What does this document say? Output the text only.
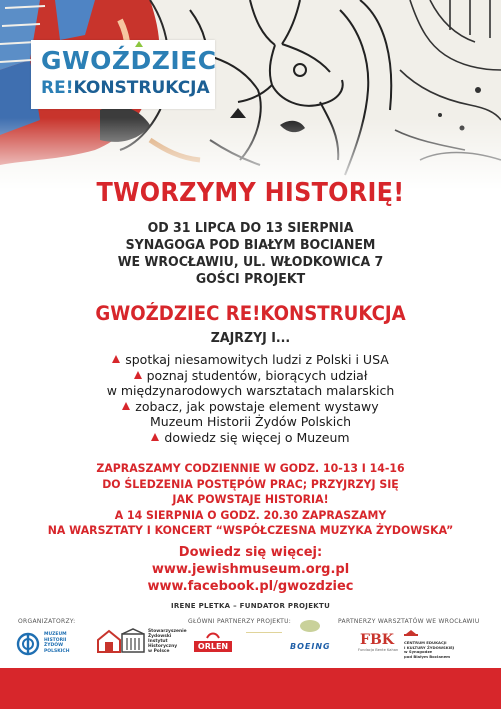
GWOŹDZIEC
RE!KONSTRUKCJA
TWORZYMY HISTORIĘ!
OD 31 LIPCA DO 13 SIERPNIA
SYNAGOGA POD BIAŁYM BOCIANEM
WE WROCŁAWIU, UL. WŁODKOWICA 7
GOŚCI PROJEKT
GWOŹDZIEC RE!KONSTRUKCJA
ZAJRZYJ I...
spotkaj niesamowitych ludzi z Polski i USA
poznaj studentów, biorących udział
w międzynarodowych warsztatach malarskich
zobacz, jak powstaje element wystawy
Muzeum Historii Żydów Polskich
dowiedz się więcej o Muzeum
ZAPRASZAMY CODZIENNIE W GODZ. 10-13 I 14-16
DO ŚLEDZENIA POSTĘPÓW PRAC; PRZYJRZYJ SIĘ
JAK POWSTAJE HISTORIA!
A 14 SIERPNIA O GODZ. 20.30 ZAPRASZAMY
NA WARSZTATY I KONCERT “WSPÓŁCZESNA MUZYKA ŻYDOWSKA”
Dowiedz się więcej:
www.jewishmuseum.org.pl
www.facebook.pl/gwozdziec
IRENE PLETKA – FUNDATOR PROJEKTU
ORGANIZATORZY:	GŁÓWNI PARTNERZY PROJEKTU:	PARTNERZY WARSZTATÓW WE WROCŁAWIU
MUZEUM
HISTORII
ŻYDÓW
POLSKICH
Stowarzyszenie
Żydowski
Instytut
Historyczny
w Polsce
ORLEN	BOEING FBK
Fundacja Bente Kahan
CENTRUM EDUKACJI
I KULTURY ŻYDOWSKIEJ
w Synagodze
pod Białym Bocianem
